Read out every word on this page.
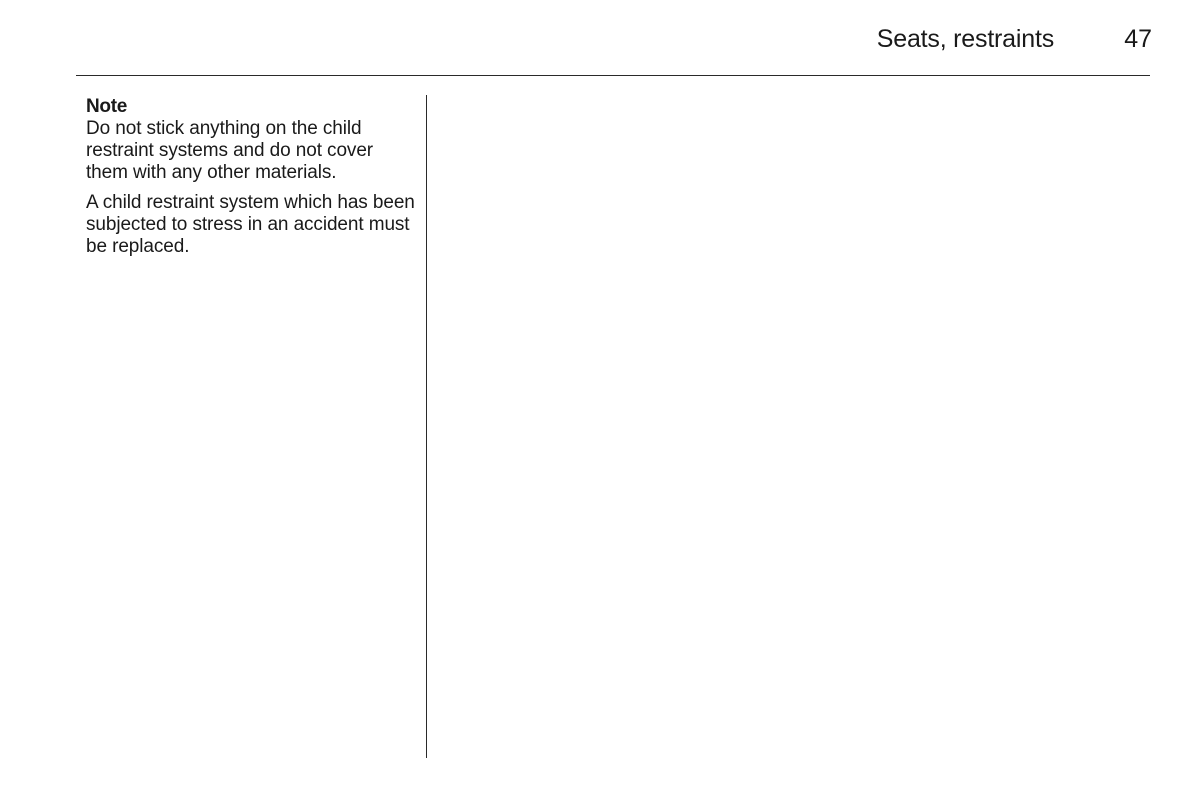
Seats, restraints	47

Note

Do not stick anything on the child restraint systems and do not cover them with any other materials.

A child restraint system which has been subjected to stress in an accident must be replaced.
